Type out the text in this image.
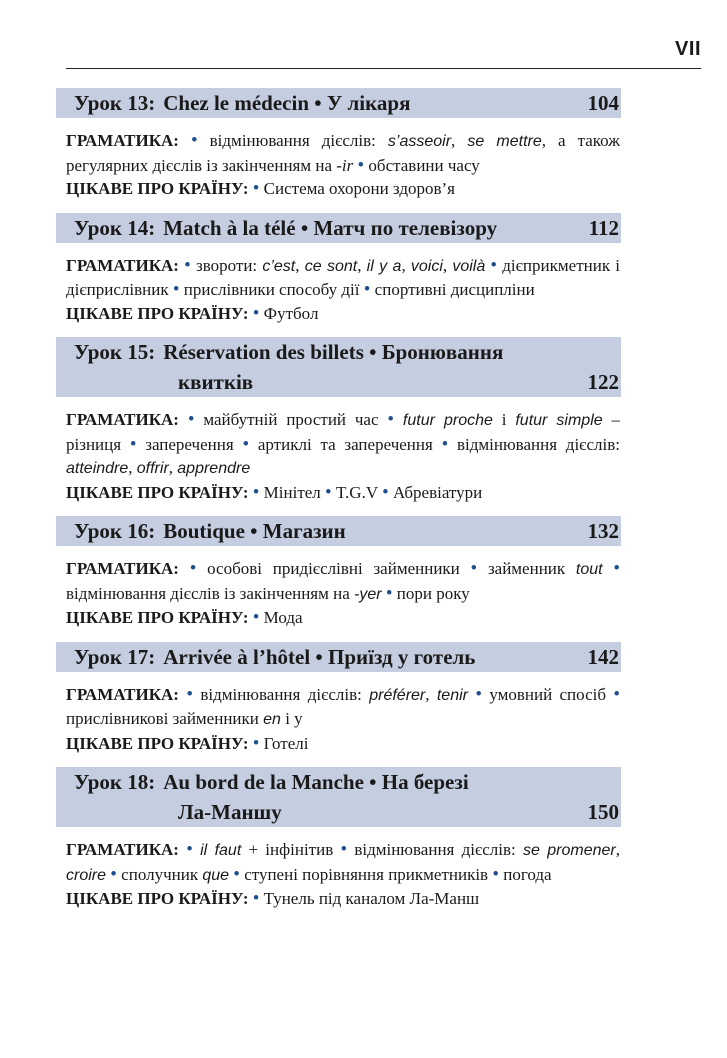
VII
Урок 13: Chez le médecin • У лікаря	104

ГРАМАТИКА: • відмінювання дієслів: s’asseoir, se mettre, а також регулярних дієслів із закінченням на -ir • обставини часу

ЦІКАВЕ ПРО КРАЇНУ: • Система охорони здоров’я

Урок 14: Match à la télé • Матч по телевізору	112

ГРАМАТИКА: • звороти: c’est, ce sont, il y a, voici, voilà • дієприкметник і дієприслівник • прислівники способу дії • спортивні дисципліни

ЦІКАВЕ ПРО КРАЇНУ: • Футбол

Урок 15: Réservation des billets • Бронювання
квитків	122

ГРАМАТИКА: • майбутній простий час • futur proche і futur simple – різниця • заперечення • артиклі та заперечення • відмінювання дієслів: atteindre, offrir, apprendre

ЦІКАВЕ ПРО КРАЇНУ: • Мінітел • T.G.V • Абревіатури

Урок 16: Boutique • Магазин	132

ГРАМАТИКА: • особові придієслівні займенники • займенник tout • відмінювання дієслів із закінченням на -yer • пори року

ЦІКАВЕ ПРО КРАЇНУ: • Мода

Урок 17: Arrivée à l’hôtel • Приїзд у готель	142

ГРАМАТИКА: • відмінювання дієслів: préférer, tenir • умовний спосіб • прислівникові займенники en і y

ЦІКАВЕ ПРО КРАЇНУ: • Готелі

Урок 18: Au bord de la Manche • На березі
Ла-Маншу	150

ГРАМАТИКА: • il faut + інфінітив • відмінювання дієслів: se promener, croire • сполучник que • ступені порівняння прикметників • погода

ЦІКАВЕ ПРО КРАЇНУ: • Тунель під каналом Ла-Манш
